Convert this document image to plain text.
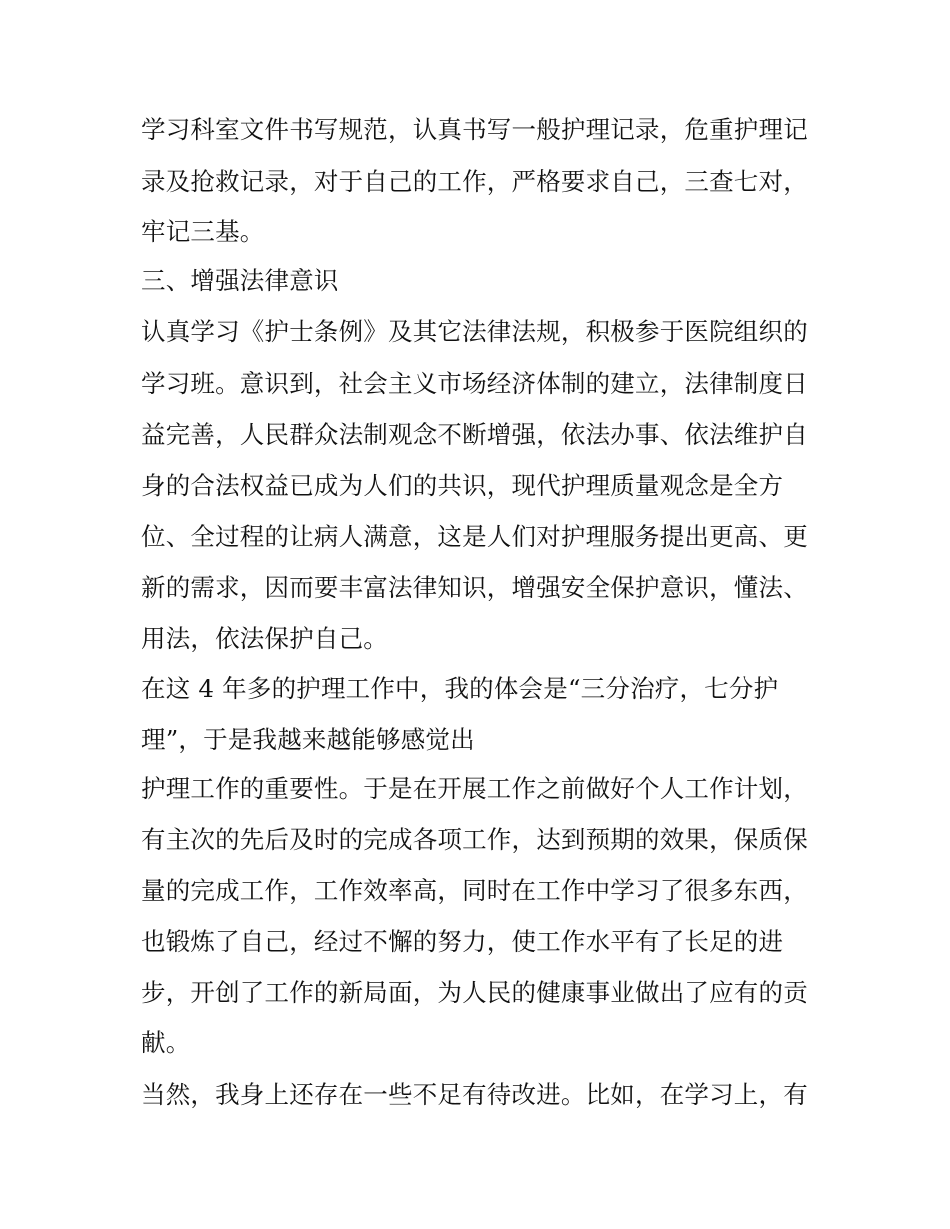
学习科室文件书写规范，认真书写一般护理记录，危重护理记
录及抢救记录，对于自己的工作，严格要求自己，三查七对，
牢记三基。
三、增强法律意识
认真学习《护士条例》及其它法律法规，积极参于医院组织的
学习班。意识到，社会主义市场经济体制的建立，法律制度日
益完善，人民群众法制观念不断增强，依法办事、依法维护自
身的合法权益已成为人们的共识，现代护理质量观念是全方
位、全过程的让病人满意，这是人们对护理服务提出更高、更
新的需求，因而要丰富法律知识，增强安全保护意识，懂法、
用法，依法保护自己。
在这 4 年多的护理工作中，我的体会是“三分治疗，七分护
理”，于是我越来越能够感觉出
护理工作的重要性。于是在开展工作之前做好个人工作计划，
有主次的先后及时的完成各项工作，达到预期的效果，保质保
量的完成工作，工作效率高，同时在工作中学习了很多东西，
也锻炼了自己，经过不懈的努力，使工作水平有了长足的进
步，开创了工作的新局面，为人民的健康事业做出了应有的贡
献。
当然，我身上还存在一些不足有待改进。比如，在学习上，有
